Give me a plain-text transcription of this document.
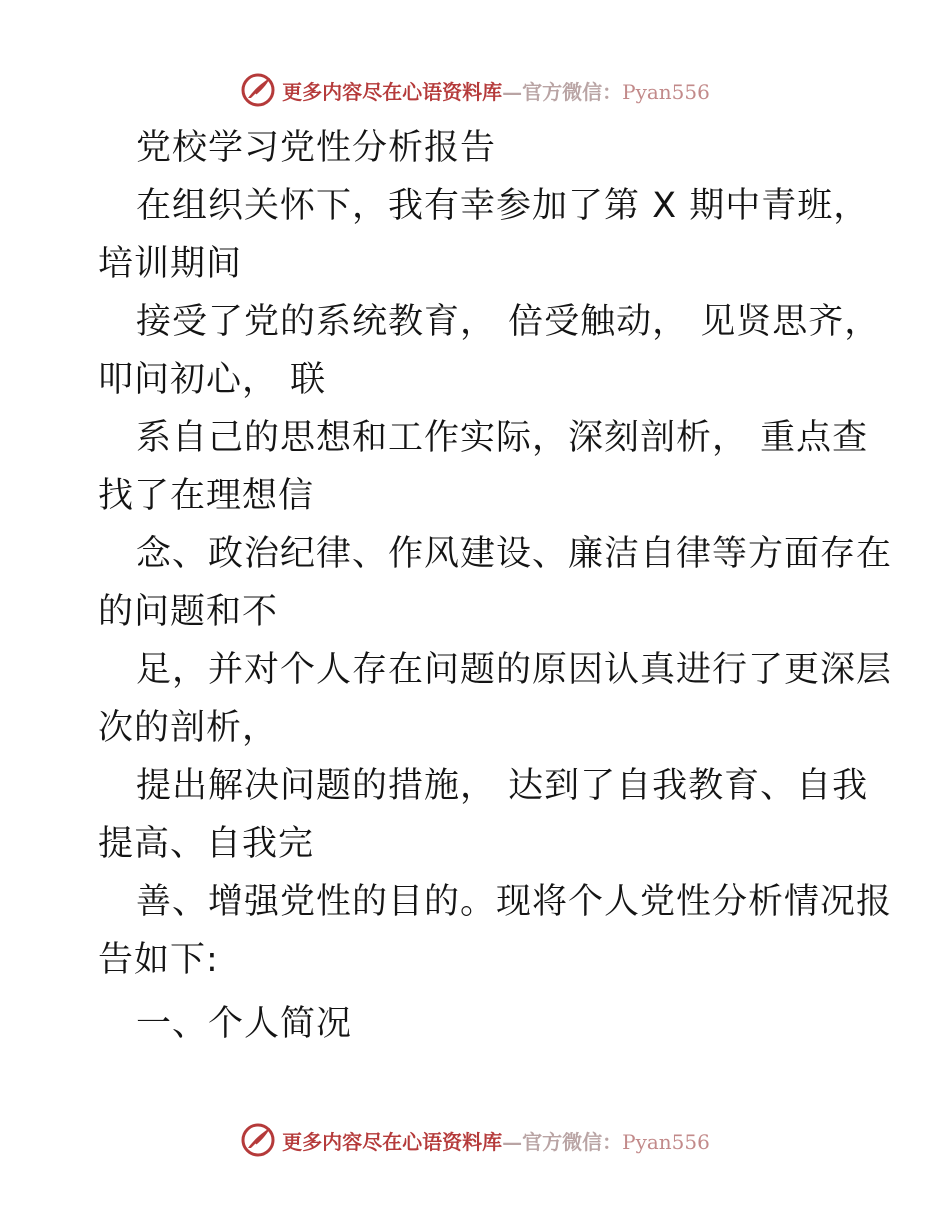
更多内容尽在心语资料库—官方微信：Pyan556
党校学习党性分析报告
在组织关怀下，我有幸参加了第 X 期中青班，
培训期间
接受了党的系统教育， 倍受触动， 见贤思齐，
叩问初心， 联
系自己的思想和工作实际，深刻剖析， 重点查
找了在理想信
念、政治纪律、作风建设、廉洁自律等方面存在
的问题和不
足，并对个人存在问题的原因认真进行了更深层
次的剖析，
提出解决问题的措施， 达到了自我教育、自我
提高、自我完
善、增强党性的目的。现将个人党性分析情况报
告如下:
一、个人简况
更多内容尽在心语资料库—官方微信：Pyan556
